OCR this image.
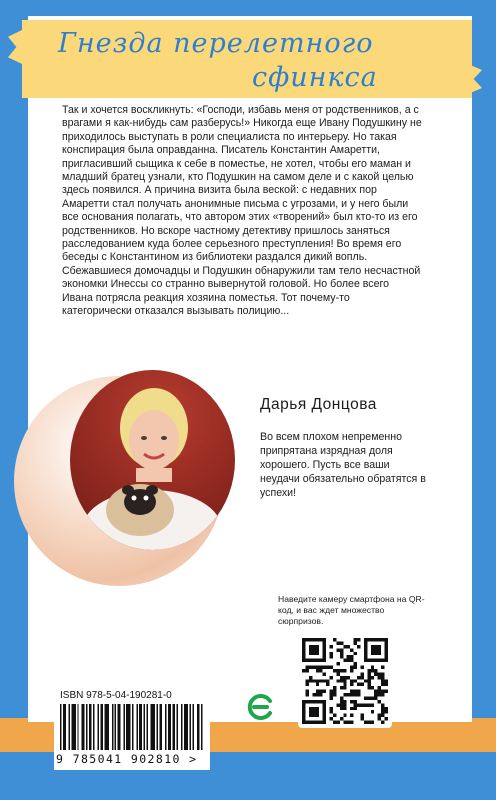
Гнезда перелетного
сфинкса

Так и хочется воскликнуть: «Господи, избавь меня от родственников, а с врагами я как-нибудь сам разберусь!» Никогда еще Ивану Подушкину не приходилось выступать в роли специалиста по интерьеру. Но такая конспирация была оправданна. Писатель Константин Амаретти, пригласивший сыщика к себе в поместье, не хотел, чтобы его маман и младший братец узнали, кто Подушкин на самом деле и с какой целью здесь появился. А причина визита была веской: с недавних пор Амаретти стал получать анонимные письма с угрозами, и у него были все основания полагать, что автором этих «творений» был кто-то из его родственников. Но вскоре частному детективу пришлось заняться расследованием куда более серьезного преступления! Во время его беседы с Константином из библиотеки раздался дикий вопль. Сбежавшиеся домочадцы и Подушкин обнаружили там тело несчастной экономки Инессы со странно вывернутой головой. Но более всего Ивана потрясла реакция хозяина поместья. Тот почему-то категорически отказался вызывать полицию...

Дарья Донцова
Во всем плохом непременно припрятана изрядная доля хорошего. Пусть все ваши неудачи обязательно обратятся в успехи!
Наведите камеру смартфона на QR-код, и вас ждет множество сюрпризов.
ISBN 978-5-04-190281-0
9 785041 902810 >
